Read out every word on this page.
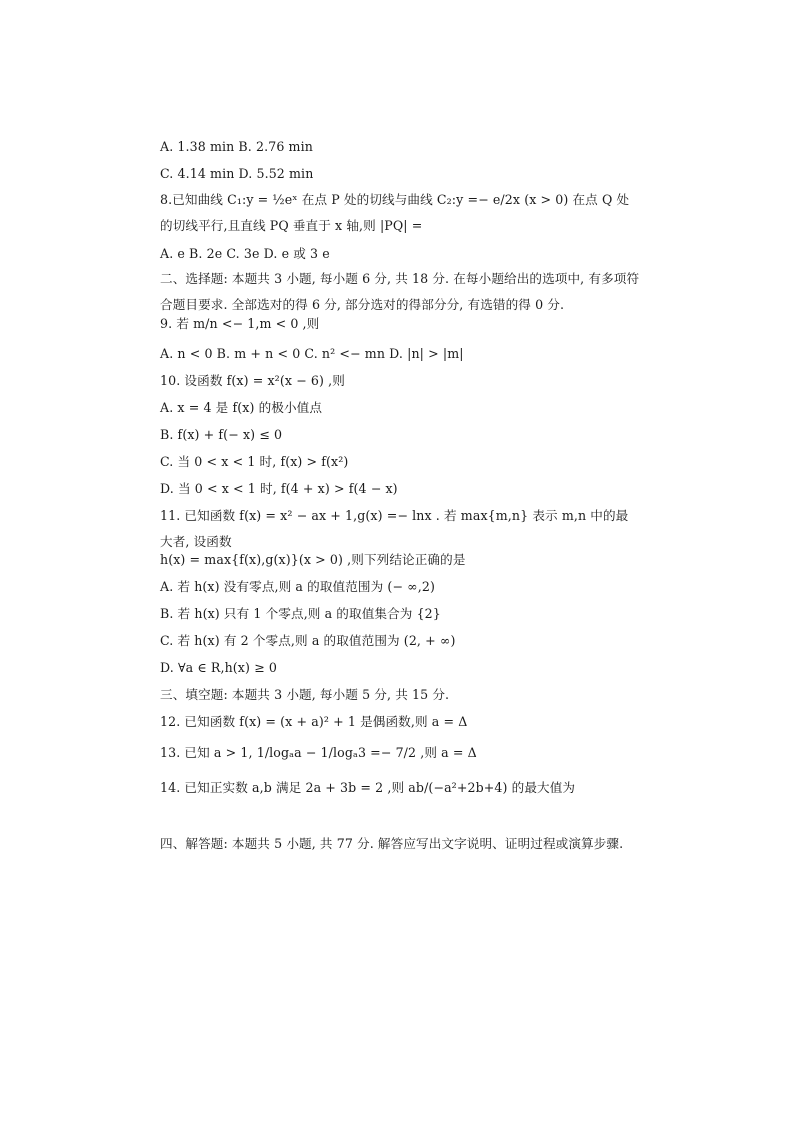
A. 1.38 min B. 2.76 min
C. 4.14 min D. 5.52 min
8.已知曲线 C₁:y = ½eˣ 在点 P 处的切线与曲线 C₂:y =− e/2x (x > 0) 在点 Q 处的切线平行,且直线 PQ 垂直于 x 轴,则 |PQ| =
A. e B. 2e C. 3e D. e 或 3 e
二、选择题: 本题共 3 小题, 每小题 6 分, 共 18 分. 在每小题给出的选项中, 有多项符合题目要求. 全部选对的得 6 分, 部分选对的得部分分, 有选错的得 0 分.
9. 若 m/n <− 1,m < 0 ,则
A. n < 0 B. m + n < 0 C. n² <− mn D. |n| > |m|
10. 设函数 f(x) = x²(x − 6) ,则
A. x = 4 是 f(x) 的极小值点
B. f(x) + f(− x) ≤ 0
C. 当 0 < x < 1 时, f(x) > f(x²)
D. 当 0 < x < 1 时, f(4 + x) > f(4 − x)
11. 已知函数 f(x) = x² − ax + 1,g(x) =− lnx . 若 max{m,n} 表示 m,n 中的最大者, 设函数
h(x) = max{f(x),g(x)}(x > 0) ,则下列结论正确的是
A. 若 h(x) 没有零点,则 a 的取值范围为 (− ∞,2)
B. 若 h(x) 只有 1 个零点,则 a 的取值集合为 {2}
C. 若 h(x) 有 2 个零点,则 a 的取值范围为 (2, + ∞)
D. ∀a ∈ R,h(x) ≥ 0
三、填空题: 本题共 3 小题, 每小题 5 分, 共 15 分.
12. 已知函数 f(x) = (x + a)² + 1 是偶函数,则 a = Δ
13. 已知 a > 1, 1/logₐa − 1/logₐ3 =− 7/2 ,则 a = Δ
14. 已知正实数 a,b 满足 2a + 3b = 2 ,则 ab/(−a²+2b+4) 的最大值为
四、解答题: 本题共 5 小题, 共 77 分. 解答应写出文字说明、证明过程或演算步骤.
